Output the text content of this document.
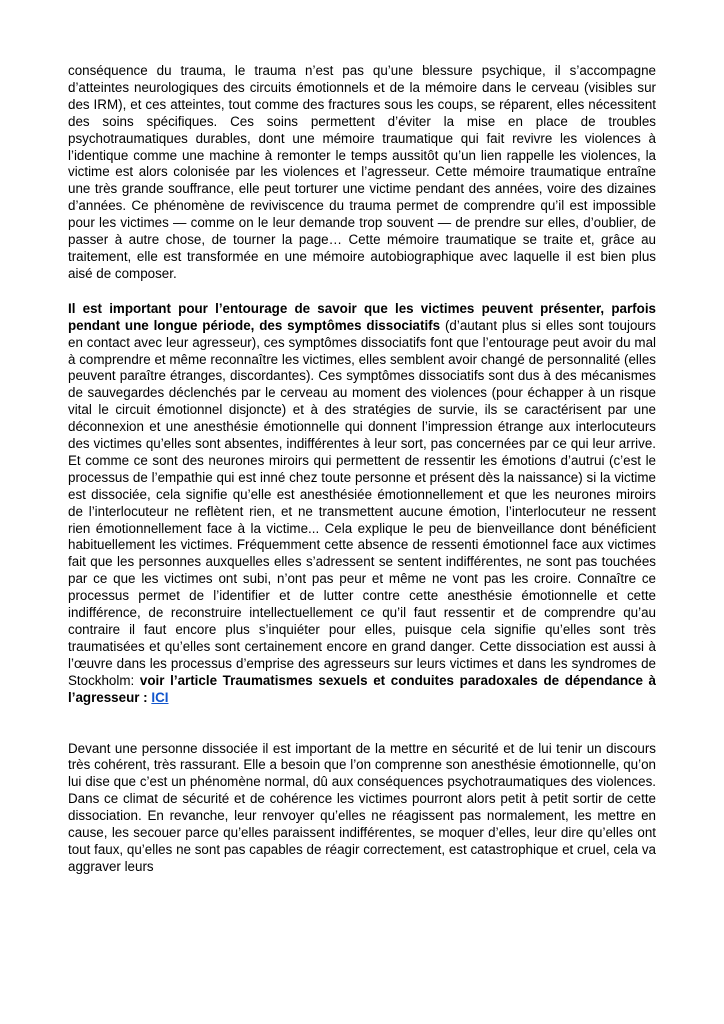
conséquence du trauma, le trauma n’est pas qu’une blessure psychique, il s’accompagne d’atteintes neurologiques des circuits émotionnels et de la mémoire dans le cerveau (visibles sur des IRM), et ces atteintes, tout comme des fractures sous les coups, se réparent, elles nécessitent des soins spécifiques. Ces soins permettent d’éviter la mise en place de troubles psychotraumatiques durables, dont une mémoire traumatique qui fait revivre les violences à l’identique comme une machine à remonter le temps aussitôt qu’un lien rappelle les violences, la victime est alors colonisée par les violences et l’agresseur. Cette mémoire traumatique entraîne une très grande souffrance, elle peut torturer une victime pendant des années, voire des dizaines d’années. Ce phénomène de reviviscence du trauma permet de comprendre qu’il est impossible pour les victimes — comme on le leur demande trop souvent — de prendre sur elles, d’oublier, de passer à autre chose, de tourner la page… Cette mémoire traumatique se traite et, grâce au traitement, elle est transformée en une mémoire autobiographique avec laquelle il est bien plus aisé de composer.

Il est important pour l’entourage de savoir que les victimes peuvent présenter, parfois pendant une longue période, des symptômes dissociatifs (d’autant plus si elles sont toujours en contact avec leur agresseur), ces symptômes dissociatifs font que l’entourage peut avoir du mal à comprendre et même reconnaître les victimes, elles semblent avoir changé de personnalité (elles peuvent paraître étranges, discordantes). Ces symptômes dissociatifs sont dus à des mécanismes de sauvegardes déclenchés par le cerveau au moment des violences (pour échapper à un risque vital le circuit émotionnel disjoncte) et à des stratégies de survie, ils se caractérisent par une déconnexion et une anesthésie émotionnelle qui donnent l’impression étrange aux interlocuteurs des victimes qu’elles sont absentes, indifférentes à leur sort, pas concernées par ce qui leur arrive. Et comme ce sont des neurones miroirs qui permettent de ressentir les émotions d’autrui (c’est le processus de l’empathie qui est inné chez toute personne et présent dès la naissance) si la victime est dissociée, cela signifie qu’elle est anesthésiée émotionnellement et que les neurones miroirs de l’interlocuteur ne reflètent rien, et ne transmettent aucune émotion, l’interlocuteur ne ressent rien émotionnellement face à la victime... Cela explique le peu de bienveillance dont bénéficient habituellement les victimes. Fréquemment cette absence de ressenti émotionnel face aux victimes fait que les personnes auxquelles elles s’adressent se sentent indifférentes, ne sont pas touchées par ce que les victimes ont subi, n’ont pas peur et même ne vont pas les croire. Connaître ce processus permet de l’identifier et de lutter contre cette anesthésie émotionnelle et cette indifférence, de reconstruire intellectuellement ce qu’il faut ressentir et de comprendre qu’au contraire il faut encore plus s’inquiéter pour elles, puisque cela signifie qu’elles sont très traumatisées et qu’elles sont certainement encore en grand danger. Cette dissociation est aussi à l’œuvre dans les processus d’emprise des agresseurs sur leurs victimes et dans les syndromes de Stockholm: voir l’article Traumatismes sexuels et conduites paradoxales de dépendance à l’agresseur : ICI

Devant une personne dissociée il est important de la mettre en sécurité et de lui tenir un discours très cohérent, très rassurant. Elle a besoin que l’on comprenne son anesthésie émotionnelle, qu’on lui dise que c’est un phénomène normal, dû aux conséquences psychotraumatiques des violences. Dans ce climat de sécurité et de cohérence les victimes pourront alors petit à petit sortir de cette dissociation. En revanche, leur renvoyer qu’elles ne réagissent pas normalement, les mettre en cause, les secouer parce qu’elles paraissent indifférentes, se moquer d’elles, leur dire qu’elles ont tout faux, qu’elles ne sont pas capables de réagir correctement, est catastrophique et cruel, cela va aggraver leurs
